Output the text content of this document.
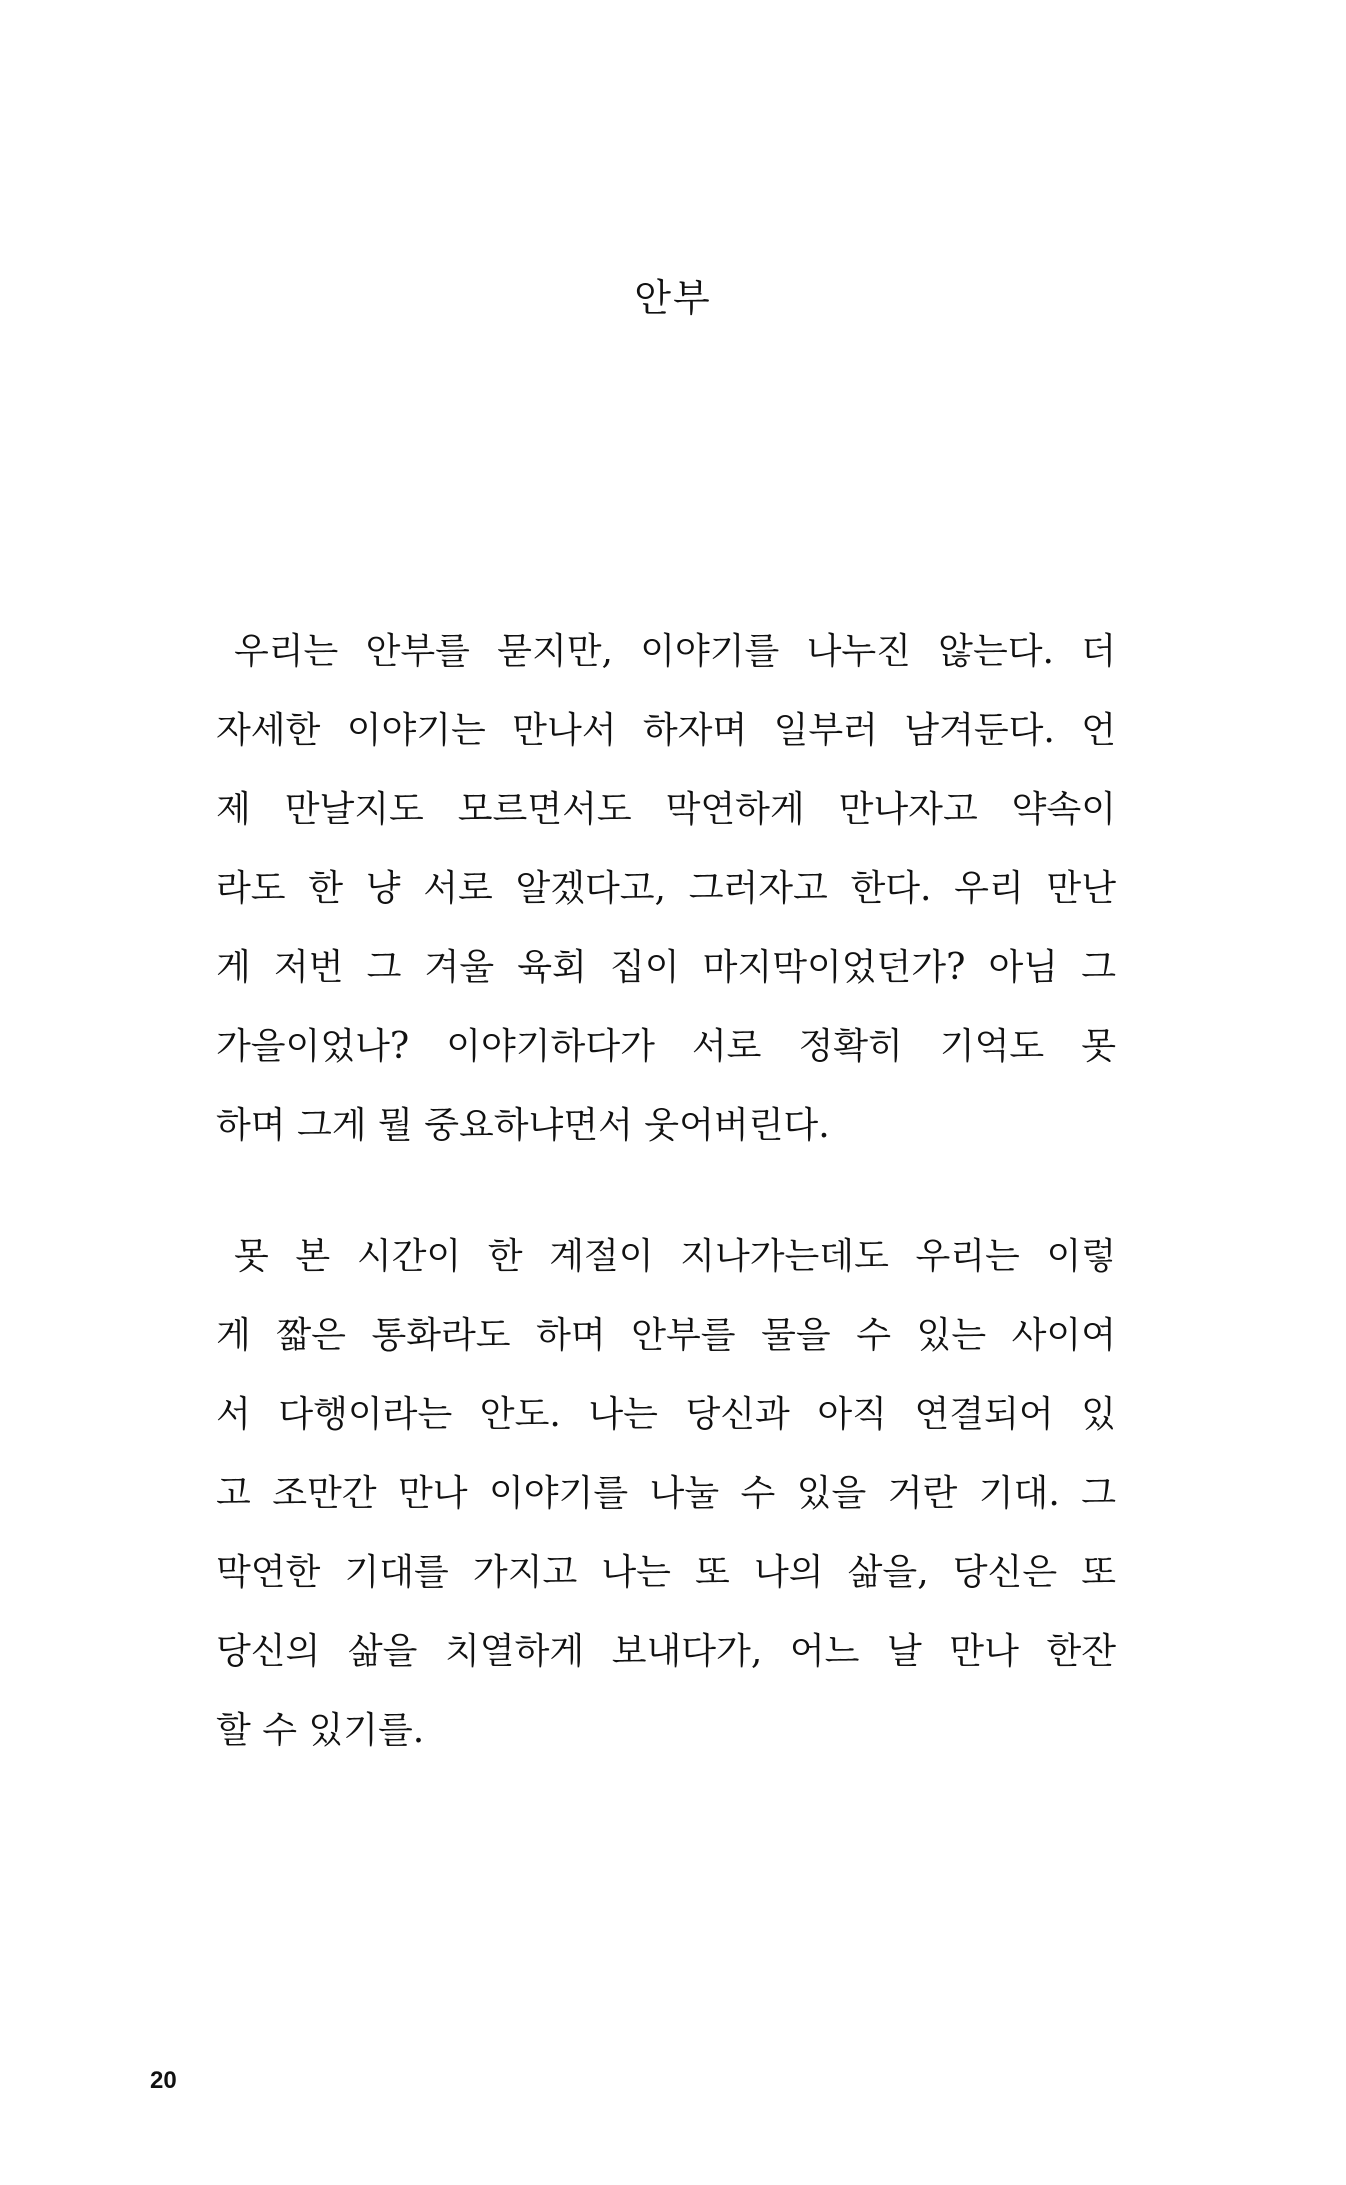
안부

우리는 안부를 묻지만, 이야기를 나누진 않는다. 더
자세한 이야기는 만나서 하자며 일부러 남겨둔다. 언
제 만날지도 모르면서도 막연하게 만나자고 약속이
라도 한 냥 서로 알겠다고, 그러자고 한다. 우리 만난
게 저번 그 겨울 육회 집이 마지막이었던가? 아님 그
가을이었나? 이야기하다가 서로 정확히 기억도 못
하며 그게 뭘 중요하냐면서 웃어버린다.

못 본 시간이 한 계절이 지나가는데도 우리는 이렇
게 짧은 통화라도 하며 안부를 물을 수 있는 사이여
서 다행이라는 안도. 나는 당신과 아직 연결되어 있
고 조만간 만나 이야기를 나눌 수 있을 거란 기대. 그
막연한 기대를 가지고 나는 또 나의 삶을, 당신은 또
당신의 삶을 치열하게 보내다가, 어느 날 만나 한잔
할 수 있기를.

20
